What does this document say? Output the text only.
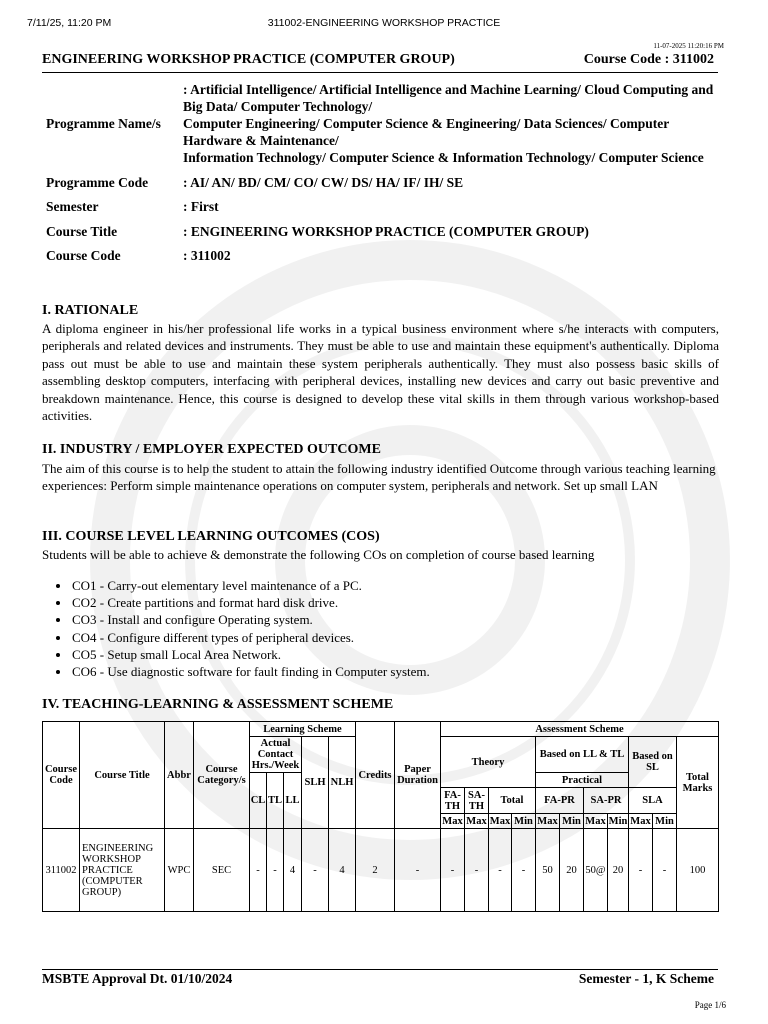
7/11/25, 11:20 PM	311002-ENGINEERING WORKSHOP PRACTICE
11-07-2025 11:20:16 PM
ENGINEERING WORKSHOP PRACTICE (COMPUTER GROUP)	Course Code : 311002
Programme Name/s	: Artificial Intelligence/ Artificial Intelligence and Machine Learning/ Cloud Computing and Big Data/ Computer Technology/
Computer Engineering/ Computer Science & Engineering/ Data Sciences/ Computer Hardware & Maintenance/
Information Technology/ Computer Science & Information Technology/ Computer Science

Programme Code	: AI/ AN/ BD/ CM/ CO/ CW/ DS/ HA/ IF/ IH/ SE
Semester	: First
Course Title	: ENGINEERING WORKSHOP PRACTICE (COMPUTER GROUP)
Course Code	: 311002
I. RATIONALE
A diploma engineer in his/her professional life works in a typical business environment where s/he interacts with computers, peripherals and related devices and instruments. They must be able to use and maintain these equipment's authentically. Diploma pass out must be able to use and maintain these system peripherals authentically. They must also possess basic skills of assembling desktop computers, interfacing with peripheral devices, installing new devices and carry out basic preventive and breakdown maintenance. Hence, this course is designed to develop these vital skills in them through various workshop-based activities.
II. INDUSTRY / EMPLOYER EXPECTED OUTCOME
The aim of this course is to help the student to attain the following industry identified Outcome through various teaching learning experiences: Perform simple maintenance operations on computer system, peripherals and network. Set up small LAN
III. COURSE LEVEL LEARNING OUTCOMES (COS)
Students will be able to achieve & demonstrate the following COs on completion of course based learning
• CO1 - Carry-out elementary level maintenance of a PC.
• CO2 - Create partitions and format hard disk drive.
• CO3 - Install and configure Operating system.
• CO4 - Configure different types of peripheral devices.
• CO5 - Setup small Local Area Network.
• CO6 - Use diagnostic software for fault finding in Computer system.
IV. TEACHING-LEARNING & ASSESSMENT SCHEME
Course Code	Course Title	Abbr	Course Category/s	Learning Scheme					Credits	Paper Duration	Assessment Scheme										
				Actual Contact Hrs./Week			SLH	NLH			Theory				Based on LL & TL				Based on SL		Total Marks
				CL	TL	LL									Practical						
											FA-TH	SA-TH	Total		FA-PR		SA-PR		SLA		
											Max	Max	Max	Min	Max	Min	Max	Min	Max	Min	
311002	ENGINEERING WORKSHOP PRACTICE (COMPUTER GROUP)	WPC	SEC	-	-	4	-	4	2	-	-	-	-	-	50	20	50@	20	-	-	100
MSBTE Approval Dt. 01/10/2024	Semester - 1, K Scheme
Page 1/6
